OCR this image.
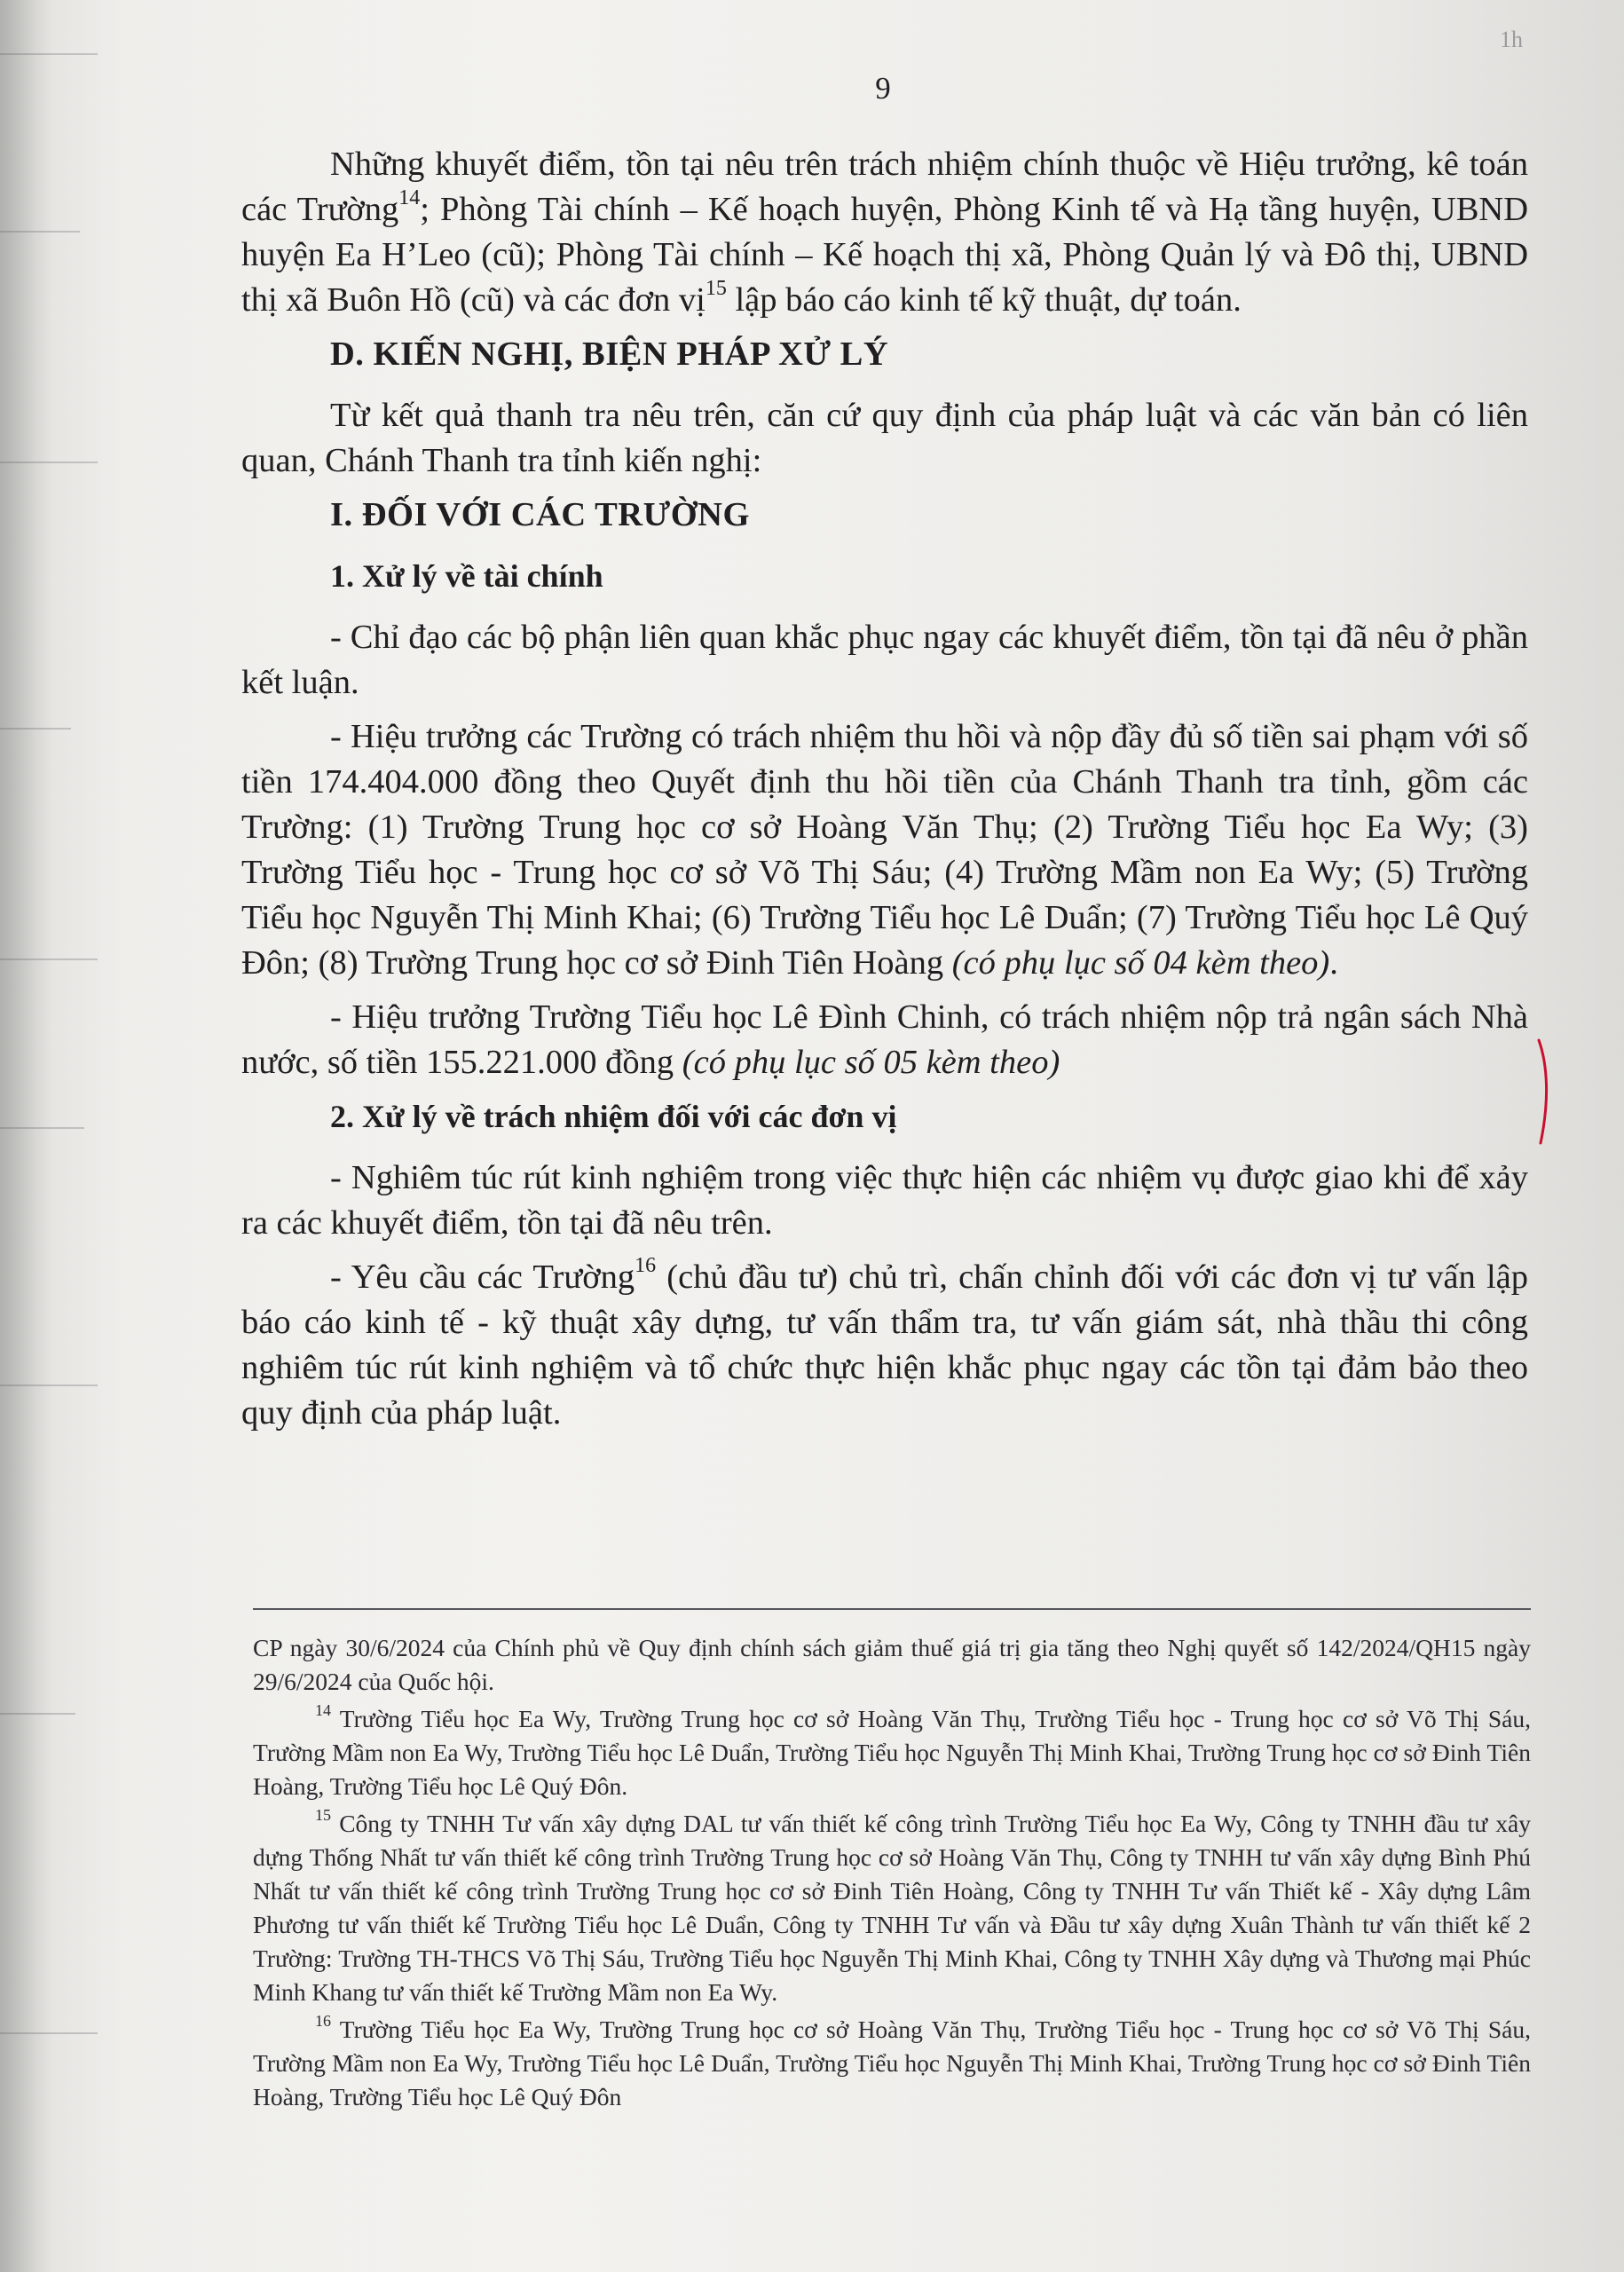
9
1h

Những khuyết điểm, tồn tại nêu trên trách nhiệm chính thuộc về Hiệu trưởng, kê toán các Trường$^{14}$; Phòng Tài chính – Kế hoạch huyện, Phòng Kinh tế và Hạ tầng huyện, UBND huyện Ea H’Leo (cũ); Phòng Tài chính – Kế hoạch thị xã, Phòng Quản lý và Đô thị, UBND thị xã Buôn Hồ (cũ) và các đơn vị$^{15}$ lập báo cáo kinh tế kỹ thuật, dự toán.

D. KIẾN NGHỊ, BIỆN PHÁP XỬ LÝ

Từ kết quả thanh tra nêu trên, căn cứ quy định của pháp luật và các văn bản có liên quan, Chánh Thanh tra tỉnh kiến nghị:

I. ĐỐI VỚI CÁC TRƯỜNG

1. Xử lý về tài chính

- Chỉ đạo các bộ phận liên quan khắc phục ngay các khuyết điểm, tồn tại đã nêu ở phần kết luận.

- Hiệu trưởng các Trường có trách nhiệm thu hồi và nộp đầy đủ số tiền sai phạm với số tiền 174.404.000 đồng theo Quyết định thu hồi tiền của Chánh Thanh tra tỉnh, gồm các Trường: (1) Trường Trung học cơ sở Hoàng Văn Thụ; (2) Trường Tiểu học Ea Wy; (3) Trường Tiểu học - Trung học cơ sở Võ Thị Sáu; (4) Trường Mầm non Ea Wy; (5) Trường Tiểu học Nguyễn Thị Minh Khai; (6) Trường Tiểu học Lê Duẩn; (7) Trường Tiểu học Lê Quý Đôn; (8) Trường Trung học cơ sở Đinh Tiên Hoàng (có phụ lục số 04 kèm theo).

- Hiệu trưởng Trường Tiểu học Lê Đình Chinh, có trách nhiệm nộp trả ngân sách Nhà nước, số tiền 155.221.000 đồng (có phụ lục số 05 kèm theo)

2. Xử lý về trách nhiệm đối với các đơn vị

- Nghiêm túc rút kinh nghiệm trong việc thực hiện các nhiệm vụ được giao khi để xảy ra các khuyết điểm, tồn tại đã nêu trên.

- Yêu cầu các Trường$^{16}$ (chủ đầu tư) chủ trì, chấn chỉnh đối với các đơn vị tư vấn lập báo cáo kinh tế - kỹ thuật xây dựng, tư vấn thẩm tra, tư vấn giám sát, nhà thầu thi công nghiêm túc rút kinh nghiệm và tổ chức thực hiện khắc phục ngay các tồn tại đảm bảo theo quy định của pháp luật.

CP ngày 30/6/2024 của Chính phủ về Quy định chính sách giảm thuế giá trị gia tăng theo Nghị quyết số 142/2024/QH15 ngày 29/6/2024 của Quốc hội.

$^{14}$ Trường Tiểu học Ea Wy, Trường Trung học cơ sở Hoàng Văn Thụ, Trường Tiểu học - Trung học cơ sở Võ Thị Sáu, Trường Mầm non Ea Wy, Trường Tiểu học Lê Duẩn, Trường Tiểu học Nguyễn Thị Minh Khai, Trường Trung học cơ sở Đinh Tiên Hoàng, Trường Tiểu học Lê Quý Đôn.

$^{15}$ Công ty TNHH Tư vấn xây dựng DAL tư vấn thiết kế công trình Trường Tiểu học Ea Wy, Công ty TNHH đầu tư xây dựng Thống Nhất tư vấn thiết kế công trình Trường Trung học cơ sở Hoàng Văn Thụ, Công ty TNHH tư vấn xây dựng Bình Phú Nhất tư vấn thiết kế công trình Trường Trung học cơ sở Đinh Tiên Hoàng, Công ty TNHH Tư vấn Thiết kế - Xây dựng Lâm Phương tư vấn thiết kế Trường Tiểu học Lê Duẩn, Công ty TNHH Tư vấn và Đầu tư xây dựng Xuân Thành tư vấn thiết kế 2 Trường: Trường TH-THCS Võ Thị Sáu, Trường Tiểu học Nguyễn Thị Minh Khai, Công ty TNHH Xây dựng và Thương mại Phúc Minh Khang tư vấn thiết kế Trường Mầm non Ea Wy.

$^{16}$ Trường Tiểu học Ea Wy, Trường Trung học cơ sở Hoàng Văn Thụ, Trường Tiểu học - Trung học cơ sở Võ Thị Sáu, Trường Mầm non Ea Wy, Trường Tiểu học Lê Duẩn, Trường Tiểu học Nguyễn Thị Minh Khai, Trường Trung học cơ sở Đinh Tiên Hoàng, Trường Tiểu học Lê Quý Đôn
